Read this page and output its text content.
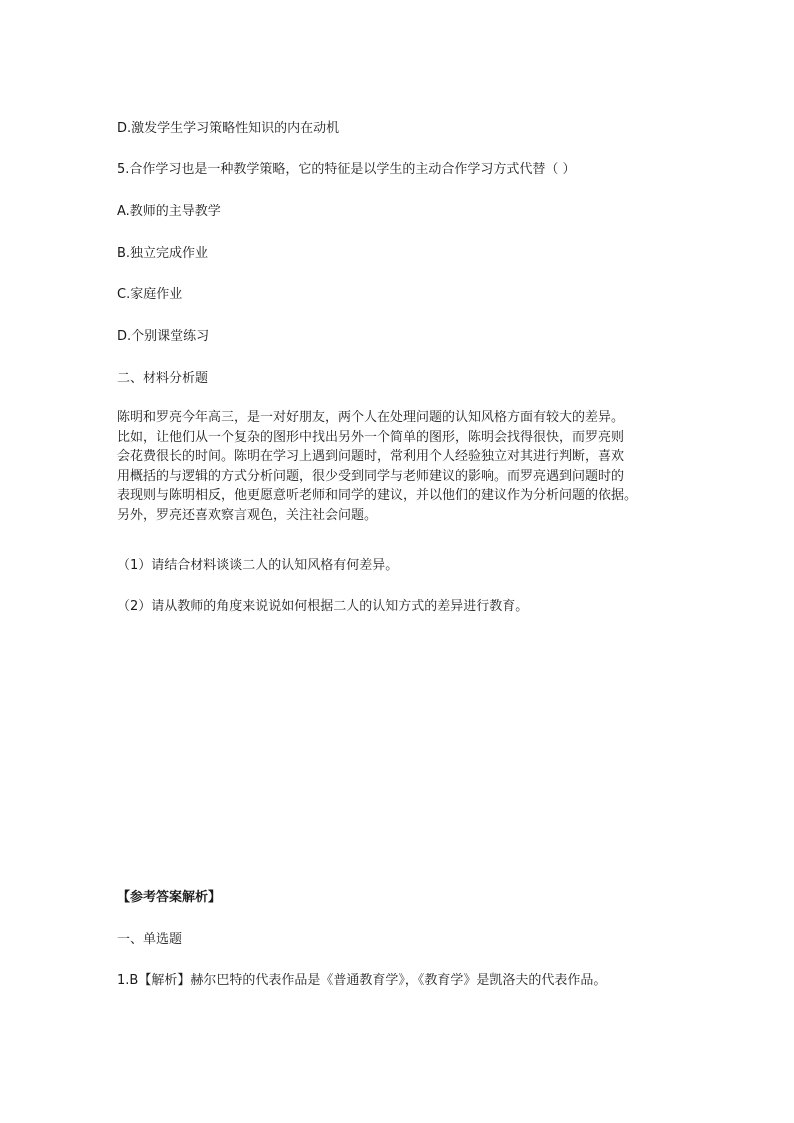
D.激发学生学习策略性知识的内在动机
5.合作学习也是一种教学策略，它的特征是以学生的主动合作学习方式代替（ ）
A.教师的主导教学
B.独立完成作业
C.家庭作业
D.个别课堂练习
二、材料分析题
陈明和罗亮今年高三，是一对好朋友，两个人在处理问题的认知风格方面有较大的差异。
比如，让他们从一个复杂的图形中找出另外一个简单的图形，陈明会找得很快，而罗亮则
会花费很长的时间。陈明在学习上遇到问题时，常利用个人经验独立对其进行判断，喜欢
用概括的与逻辑的方式分析问题，很少受到同学与老师建议的影响。而罗亮遇到问题时的
表现则与陈明相反，他更愿意听老师和同学的建议，并以他们的建议作为分析问题的依据。
另外，罗亮还喜欢察言观色，关注社会问题。
（1）请结合材料谈谈二人的认知风格有何差异。
（2）请从教师的角度来说说如何根据二人的认知方式的差异进行教育。
【参考答案解析】
一、单选题
1.B【解析】赫尔巴特的代表作品是《普通教育学》，《教育学》是凯洛夫的代表作品。
